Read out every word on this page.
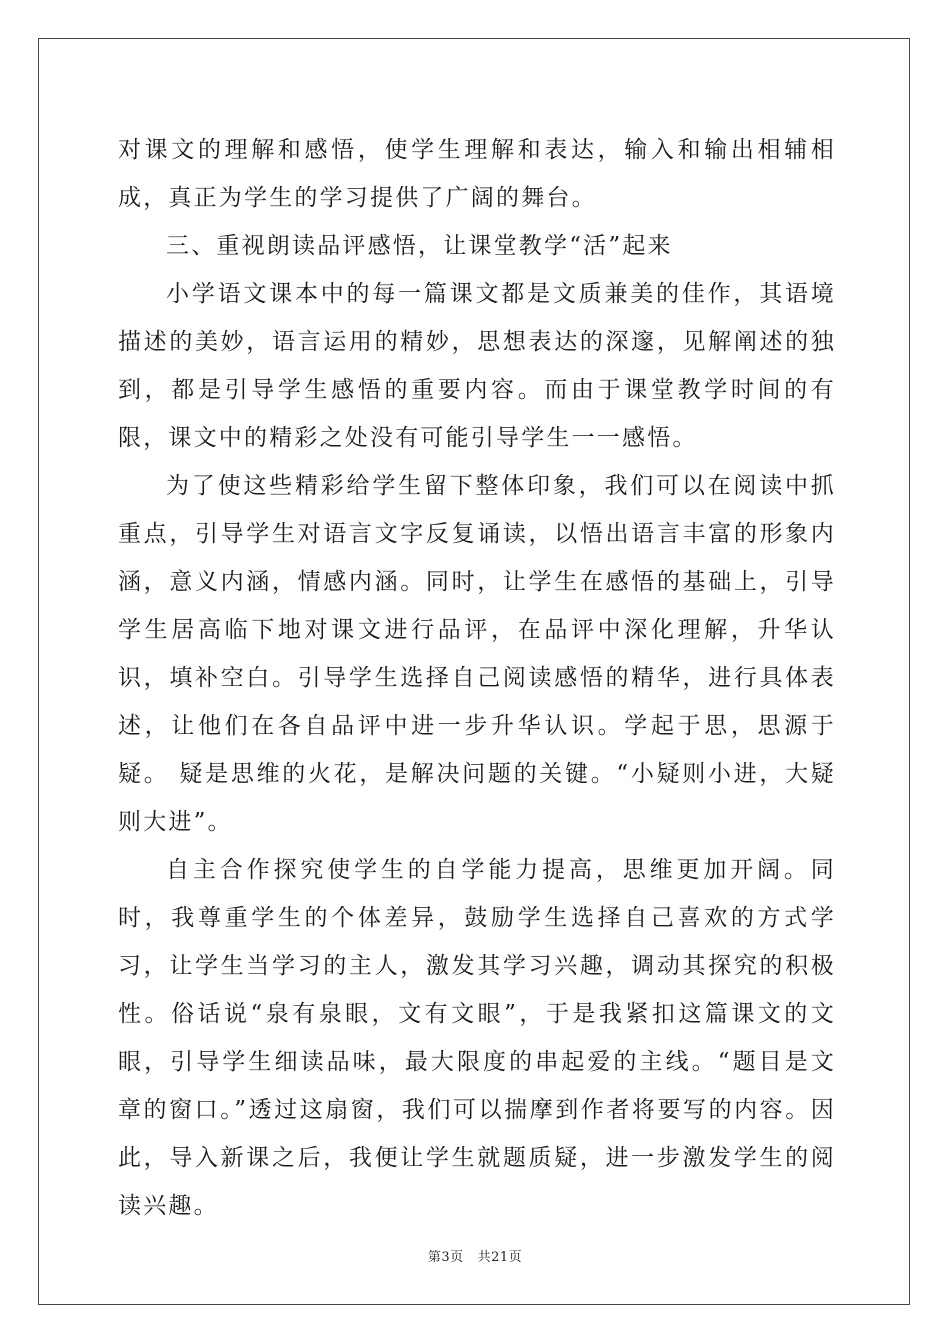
对课文的理解和感悟，使学生理解和表达，输入和输出相辅相成，真正为学生的学习提供了广阔的舞台。

三、重视朗读品评感悟，让课堂教学“活”起来

小学语文课本中的每一篇课文都是文质兼美的佳作，其语境描述的美妙，语言运用的精妙，思想表达的深邃，见解阐述的独到，都是引导学生感悟的重要内容。而由于课堂教学时间的有限，课文中的精彩之处没有可能引导学生一一感悟。

为了使这些精彩给学生留下整体印象，我们可以在阅读中抓重点，引导学生对语言文字反复诵读，以悟出语言丰富的形象内涵，意义内涵，情感内涵。同时，让学生在感悟的基础上，引导学生居高临下地对课文进行品评，在品评中深化理解，升华认识，填补空白。引导学生选择自己阅读感悟的精华，进行具体表述，让他们在各自品评中进一步升华认识。学起于思，思源于疑。 疑是思维的火花，是解决问题的关键。“小疑则小进，大疑则大进”。

自主合作探究使学生的自学能力提高，思维更加开阔。同时，我尊重学生的个体差异，鼓励学生选择自己喜欢的方式学习，让学生当学习的主人，激发其学习兴趣，调动其探究的积极性。俗话说“泉有泉眼，文有文眼”，于是我紧扣这篇课文的文眼，引导学生细读品味，最大限度的串起爱的主线。“题目是文章的窗口。”透过这扇窗，我们可以揣摩到作者将要写的内容。因此，导入新课之后，我便让学生就题质疑，进一步激发学生的阅读兴趣。

第3页 共21页
